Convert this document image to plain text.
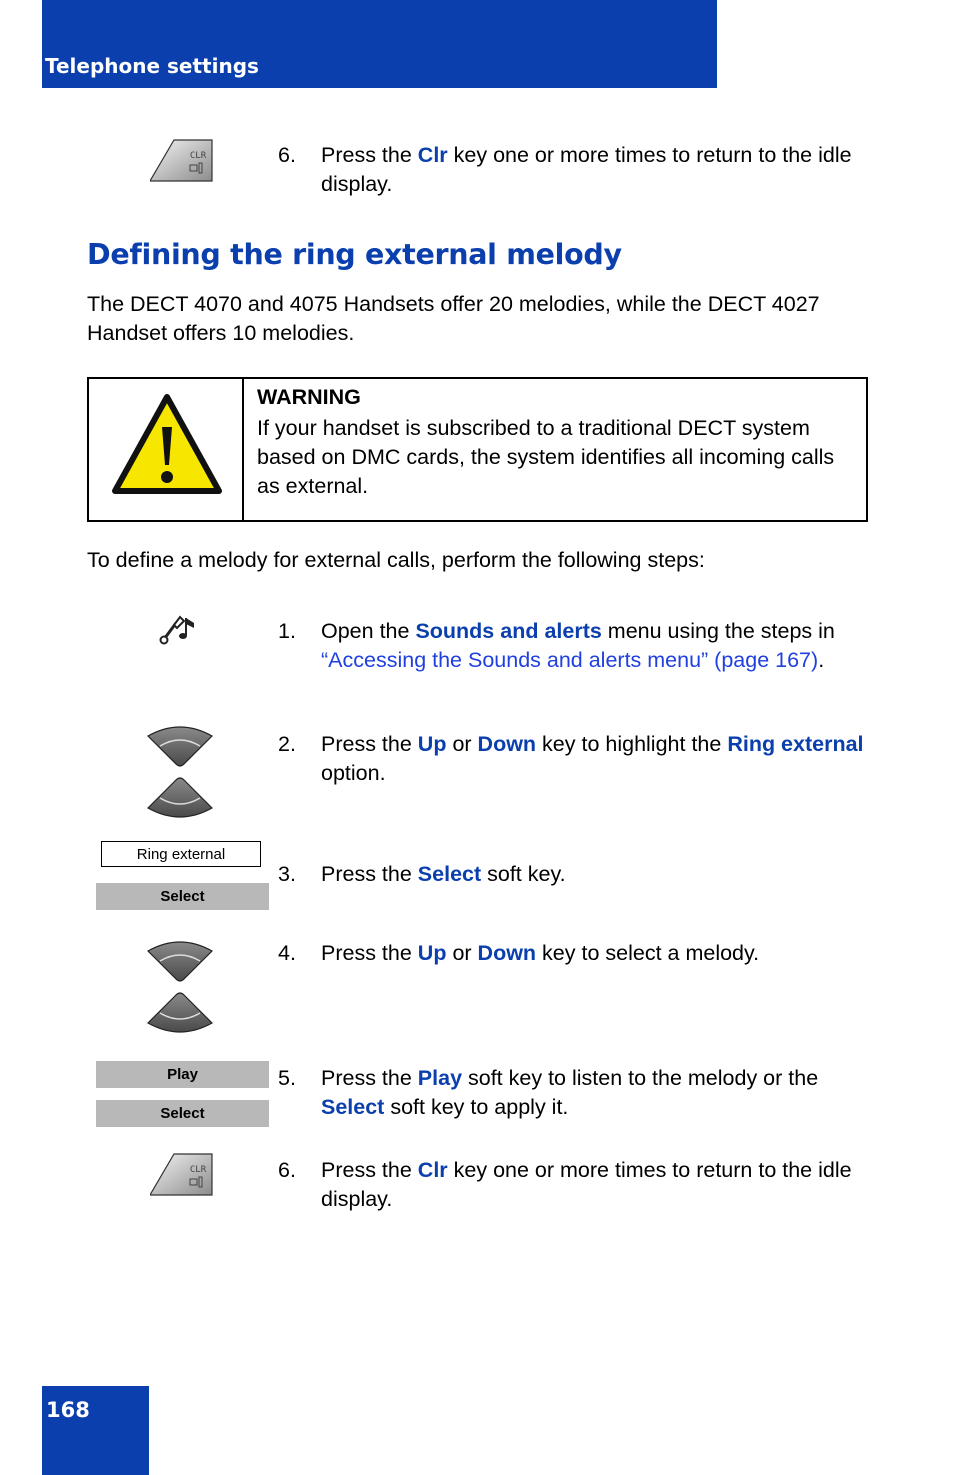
Telephone settings
CLR	6. Press the Clr key one or more times to return to the idle display.
Defining the ring external melody
The DECT 4070 and 4075 Handsets offer 20 melodies, while the DECT 4027 Handset offers 10 melodies.
WARNING
If your handset is subscribed to a traditional DECT system based on DMC cards, the system identifies all incoming calls as external.
To define a melody for external calls, perform the following steps:
1. Open the Sounds and alerts menu using the steps in “Accessing the Sounds and alerts menu” (page 167).
2. Press the Up or Down key to highlight the Ring external option.
Ring external
Select
3. Press the Select soft key.
4. Press the Up or Down key to select a melody.
Play
Select
5. Press the Play soft key to listen to the melody or the Select soft key to apply it.
CLR	6. Press the Clr key one or more times to return to the idle display.
168
